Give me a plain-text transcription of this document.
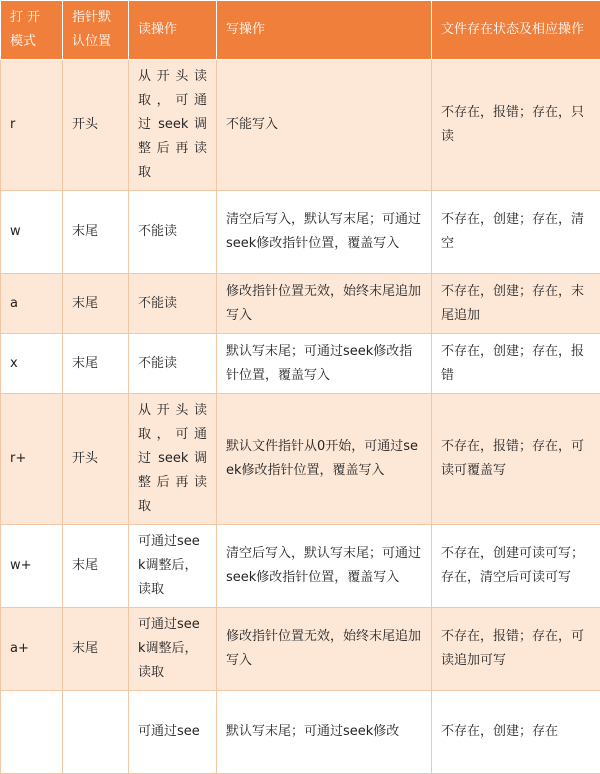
打 开 模式	指针默认位置	读操作	写操作	文件存在状态及相应操作
r	开头	从 开 头 读 取 ， 可 通 过 seek 调 整 后 再 读 取	不能写入	不存在，报错；存在，只读
w	末尾	不能读	清空后写入，默认写末尾；可通过seek修改指针位置，覆盖写入	不存在，创建；存在，清空
a	末尾	不能读	修改指针位置无效，始终末尾追加写入	不存在，创建；存在，末尾追加
x	末尾	不能读	默认写末尾；可通过seek修改指针位置，覆盖写入	不存在，创建；存在，报错
r+	开头	从 开 头 读 取 ， 可 通 过 seek 调 整 后 再 读 取	默认文件指针从0开始，可通过seek修改指针位置，覆盖写入	不存在，报错；存在，可读可覆盖写
w+	末尾	可通过seek调整后，读取	清空后写入，默认写末尾；可通过seek修改指针位置，覆盖写入	不存在，创建可读可写；存在，清空后可读可写
a+	末尾	可通过seek调整后，读取	修改指针位置无效，始终末尾追加写入	不存在，报错；存在，可读追加可写
		可通过see	默认写末尾；可通过seek修改	不存在，创建；存在
